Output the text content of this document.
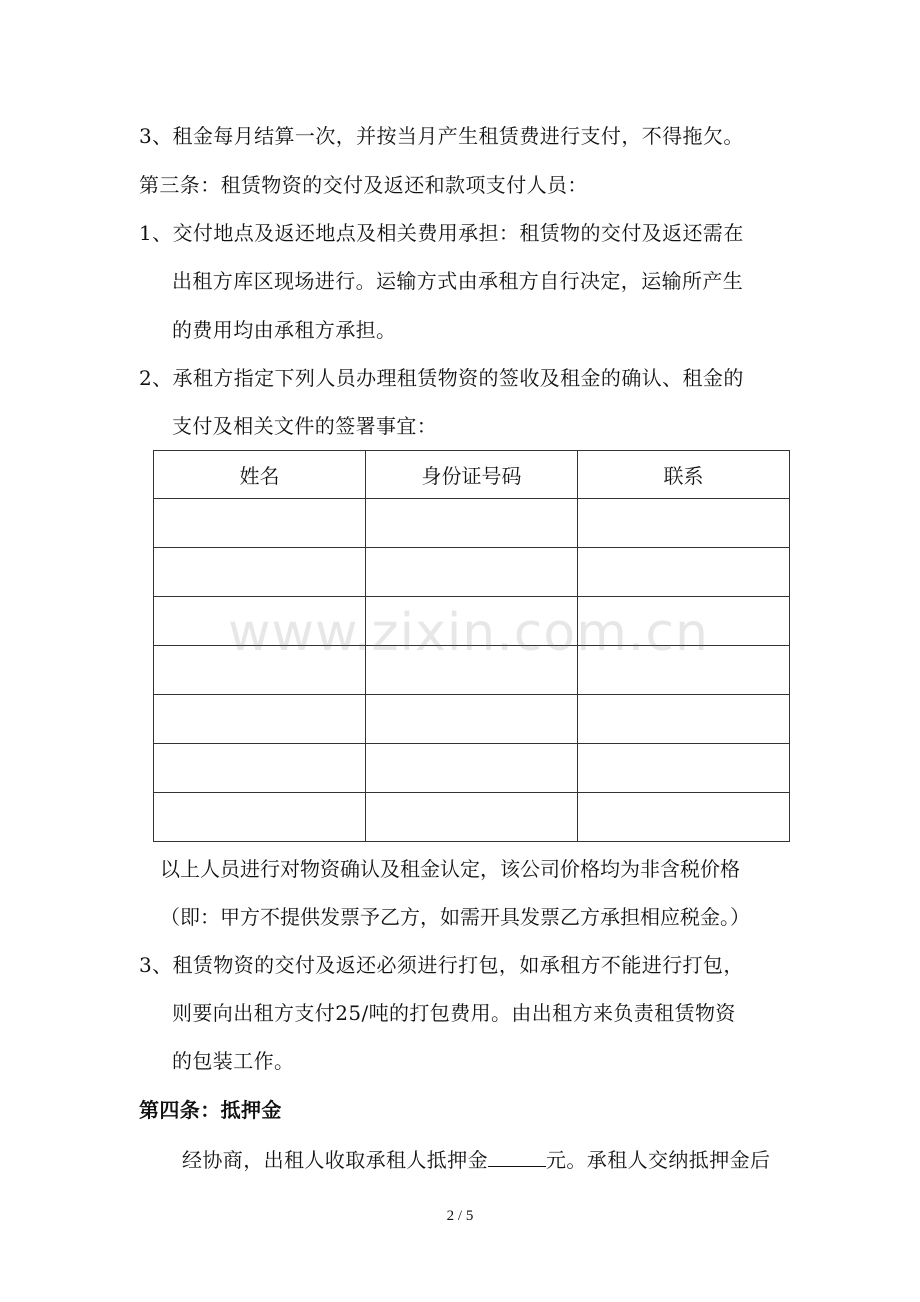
3、租金每月结算一次，并按当月产生租赁费进行支付，不得拖欠。
第三条：租赁物资的交付及返还和款项支付人员：
1、交付地点及返还地点及相关费用承担：租赁物的交付及返还需在
出租方库区现场进行。运输方式由承租方自行决定，运输所产生
的费用均由承租方承担。
2、承租方指定下列人员办理租赁物资的签收及租金的确认、租金的
支付及相关文件的签署事宜：
姓名	身份证号码	联系

www.zixin.com.cn
以上人员进行对物资确认及租金认定，该公司价格均为非含税价格
（即：甲方不提供发票予乙方，如需开具发票乙方承担相应税金。）
3、租赁物资的交付及返还必须进行打包，如承租方不能进行打包，
则要向出租方支付25/吨的打包费用。由出租方来负责租赁物资
的包装工作。
第四条：抵押金
经协商，出租人收取承租人抵押金	元。承租人交纳抵押金后
2 / 5
